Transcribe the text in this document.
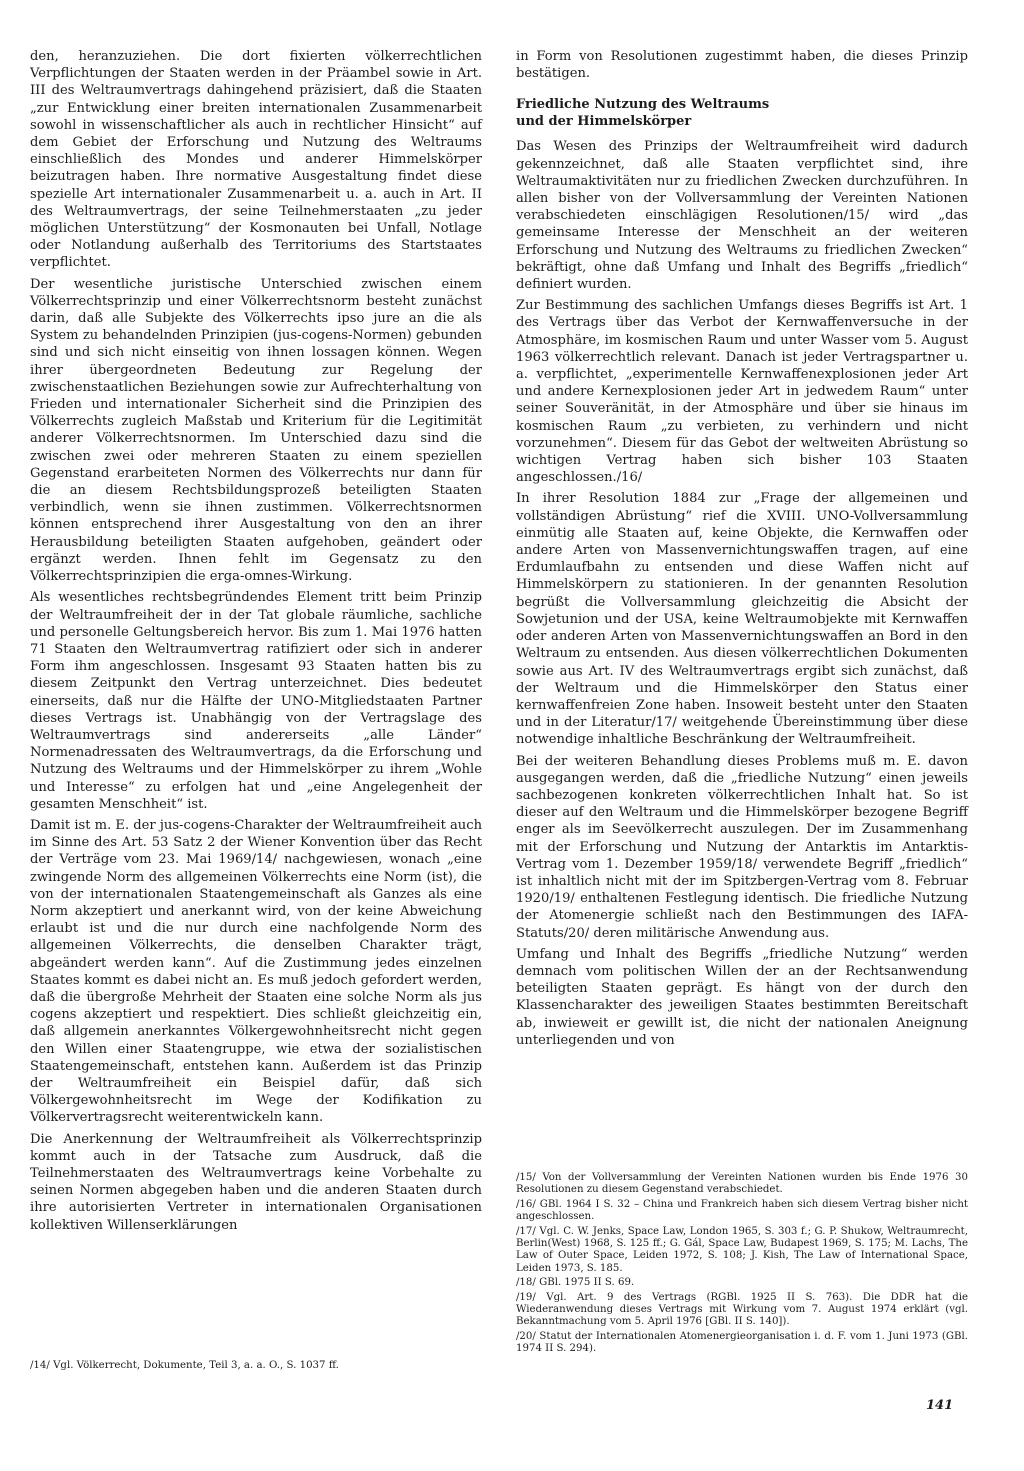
den, heranzuziehen. Die dort fixierten völkerrechtlichen Verpflichtungen der Staaten werden in der Präambel sowie in Art. III des Weltraumvertrags dahingehend präzisiert, daß die Staaten „zur Entwicklung einer breiten internationalen Zusammenarbeit sowohl in wissenschaftlicher als auch in rechtlicher Hinsicht“ auf dem Gebiet der Erforschung und Nutzung des Weltraums einschließlich des Mondes und anderer Himmelskörper beizutragen haben. Ihre normative Ausgestaltung findet diese spezielle Art internationaler Zusammenarbeit u. a. auch in Art. II des Weltraumvertrags, der seine Teilnehmerstaaten „zu jeder möglichen Unterstützung“ der Kosmonauten bei Unfall, Notlage oder Notlandung außerhalb des Territoriums des Startstaates verpflichtet.

Der wesentliche juristische Unterschied zwischen einem Völkerrechtsprinzip und einer Völkerrechtsnorm besteht zunächst darin, daß alle Subjekte des Völkerrechts ipso jure an die als System zu behandelnden Prinzipien (jus-cogens-Normen) gebunden sind und sich nicht einseitig von ihnen lossagen können. Wegen ihrer übergeordneten Bedeutung zur Regelung der zwischenstaatlichen Beziehungen sowie zur Aufrechterhaltung von Frieden und internationaler Sicherheit sind die Prinzipien des Völkerrechts zugleich Maßstab und Kriterium für die Legitimität anderer Völkerrechtsnormen. Im Unterschied dazu sind die zwischen zwei oder mehreren Staaten zu einem speziellen Gegenstand erarbeiteten Normen des Völkerrechts nur dann für die an diesem Rechtsbildungsprozeß beteiligten Staaten verbindlich, wenn sie ihnen zustimmen. Völkerrechtsnormen können entsprechend ihrer Ausgestaltung von den an ihrer Herausbildung beteiligten Staaten aufgehoben, geändert oder ergänzt werden. Ihnen fehlt im Gegensatz zu den Völkerrechtsprinzipien die erga-omnes-Wirkung.

Als wesentliches rechtsbegründendes Element tritt beim Prinzip der Weltraumfreiheit der in der Tat globale räumliche, sachliche und personelle Geltungsbereich hervor. Bis zum 1. Mai 1976 hatten 71 Staaten den Weltraumvertrag ratifiziert oder sich in anderer Form ihm angeschlossen. Insgesamt 93 Staaten hatten bis zu diesem Zeitpunkt den Vertrag unterzeichnet. Dies bedeutet einerseits, daß nur die Hälfte der UNO-Mitgliedstaaten Partner dieses Vertrags ist. Unabhängig von der Vertragslage des Weltraumvertrags sind andererseits „alle Länder“ Normenadressaten des Weltraumvertrags, da die Erforschung und Nutzung des Weltraums und der Himmelskörper zu ihrem „Wohle und Interesse“ zu erfolgen hat und „eine Angelegenheit der gesamten Menschheit“ ist.

Damit ist m. E. der jus-cogens-Charakter der Weltraumfreiheit auch im Sinne des Art. 53 Satz 2 der Wiener Konvention über das Recht der Verträge vom 23. Mai 1969/14/ nachgewiesen, wonach „eine zwingende Norm des allgemeinen Völkerrechts eine Norm (ist), die von der internationalen Staatengemeinschaft als Ganzes als eine Norm akzeptiert und anerkannt wird, von der keine Abweichung erlaubt ist und die nur durch eine nachfolgende Norm des allgemeinen Völkerrechts, die denselben Charakter trägt, abgeändert werden kann“. Auf die Zustimmung jedes einzelnen Staates kommt es dabei nicht an. Es muß jedoch gefordert werden, daß die übergroße Mehrheit der Staaten eine solche Norm als jus cogens akzeptiert und respektiert. Dies schließt gleichzeitig ein, daß allgemein anerkanntes Völkergewohnheitsrecht nicht gegen den Willen einer Staatengruppe, wie etwa der sozialistischen Staatengemeinschaft, entstehen kann. Außerdem ist das Prinzip der Weltraumfreiheit ein Beispiel dafür, daß sich Völkergewohnheitsrecht im Wege der Kodifikation zu Völkervertragsrecht weiterentwickeln kann.

Die Anerkennung der Weltraumfreiheit als Völkerrechtsprinzip kommt auch in der Tatsache zum Ausdruck, daß die Teilnehmerstaaten des Weltraumvertrags keine Vorbehalte zu seinen Normen abgegeben haben und die anderen Staaten durch ihre autorisierten Vertreter in internationalen Organisationen kollektiven Willenserklärungen

/14/ Vgl. Völkerrecht, Dokumente, Teil 3, a. a. O., S. 1037 ff.

in Form von Resolutionen zugestimmt haben, die dieses Prinzip bestätigen.

Friedliche Nutzung des Weltraums
und der Himmelskörper

Das Wesen des Prinzips der Weltraumfreiheit wird dadurch gekennzeichnet, daß alle Staaten verpflichtet sind, ihre Weltraumaktivitäten nur zu friedlichen Zwecken durchzuführen. In allen bisher von der Vollversammlung der Vereinten Nationen verabschiedeten einschlägigen Resolutionen/15/ wird „das gemeinsame Interesse der Menschheit an der weiteren Erforschung und Nutzung des Weltraums zu friedlichen Zwecken“ bekräftigt, ohne daß Umfang und Inhalt des Begriffs „friedlich“ definiert wurden.

Zur Bestimmung des sachlichen Umfangs dieses Begriffs ist Art. 1 des Vertrags über das Verbot der Kernwaffenversuche in der Atmosphäre, im kosmischen Raum und unter Wasser vom 5. August 1963 völkerrechtlich relevant. Danach ist jeder Vertragspartner u. a. verpflichtet, „experimentelle Kernwaffenexplosionen jeder Art und andere Kernexplosionen jeder Art in jedwedem Raum“ unter seiner Souveränität, in der Atmosphäre und über sie hinaus im kosmischen Raum „zu verbieten, zu verhindern und nicht vorzunehmen“. Diesem für das Gebot der weltweiten Abrüstung so wichtigen Vertrag haben sich bisher 103 Staaten angeschlossen./16/

In ihrer Resolution 1884 zur „Frage der allgemeinen und vollständigen Abrüstung“ rief die XVIII. UNO-Vollversammlung einmütig alle Staaten auf, keine Objekte, die Kernwaffen oder andere Arten von Massenvernichtungswaffen tragen, auf eine Erdumlaufbahn zu entsenden und diese Waffen nicht auf Himmelskörpern zu stationieren. In der genannten Resolution begrüßt die Vollversammlung gleichzeitig die Absicht der Sowjetunion und der USA, keine Weltraumobjekte mit Kernwaffen oder anderen Arten von Massenvernichtungswaffen an Bord in den Weltraum zu entsenden. Aus diesen völkerrechtlichen Dokumenten sowie aus Art. IV des Weltraumvertrags ergibt sich zunächst, daß der Weltraum und die Himmelskörper den Status einer kernwaffenfreien Zone haben. Insoweit besteht unter den Staaten und in der Literatur/17/ weitgehende Übereinstimmung über diese notwendige inhaltliche Beschränkung der Weltraumfreiheit.

Bei der weiteren Behandlung dieses Problems muß m. E. davon ausgegangen werden, daß die „friedliche Nutzung“ einen jeweils sachbezogenen konkreten völkerrechtlichen Inhalt hat. So ist dieser auf den Weltraum und die Himmelskörper bezogene Begriff enger als im Seevölkerrecht auszulegen. Der im Zusammenhang mit der Erforschung und Nutzung der Antarktis im Antarktis-Vertrag vom 1. Dezember 1959/18/ verwendete Begriff „friedlich“ ist inhaltlich nicht mit der im Spitzbergen-Vertrag vom 8. Februar 1920/19/ enthaltenen Festlegung identisch. Die friedliche Nutzung der Atomenergie schließt nach den Bestimmungen des IAFA-Statuts/20/ deren militärische Anwendung aus.

Umfang und Inhalt des Begriffs „friedliche Nutzung“ werden demnach vom politischen Willen der an der Rechtsanwendung beteiligten Staaten geprägt. Es hängt von der durch den Klassencharakter des jeweiligen Staates bestimmten Bereitschaft ab, inwieweit er gewillt ist, die nicht der nationalen Aneignung unterliegenden und von

/15/ Von der Vollversammlung der Vereinten Nationen wurden bis Ende 1976 30 Resolutionen zu diesem Gegenstand verabschiedet.

/16/ GBl. 1964 I S. 32 – China und Frankreich haben sich diesem Vertrag bisher nicht angeschlossen.

/17/ Vgl. C. W. Jenks, Space Law, London 1965, S. 303 f.; G. P. Shukow, Weltraumrecht, Berlin(West) 1968, S. 125 ff.; G. Gál, Space Law, Budapest 1969, S. 175; M. Lachs, The Law of Outer Space, Leiden 1972, S. 108; J. Kish, The Law of International Space, Leiden 1973, S. 185.

/18/ GBl. 1975 II S. 69.

/19/ Vgl. Art. 9 des Vertrags (RGBl. 1925 II S. 763). Die DDR hat die Wiederanwendung dieses Vertrags mit Wirkung vom 7. August 1974 erklärt (vgl. Bekanntmachung vom 5. April 1976 [GBl. II S. 140]).

/20/ Statut der Internationalen Atomenergieorganisation i. d. F. vom 1. Juni 1973 (GBl. 1974 II S. 294).

141
